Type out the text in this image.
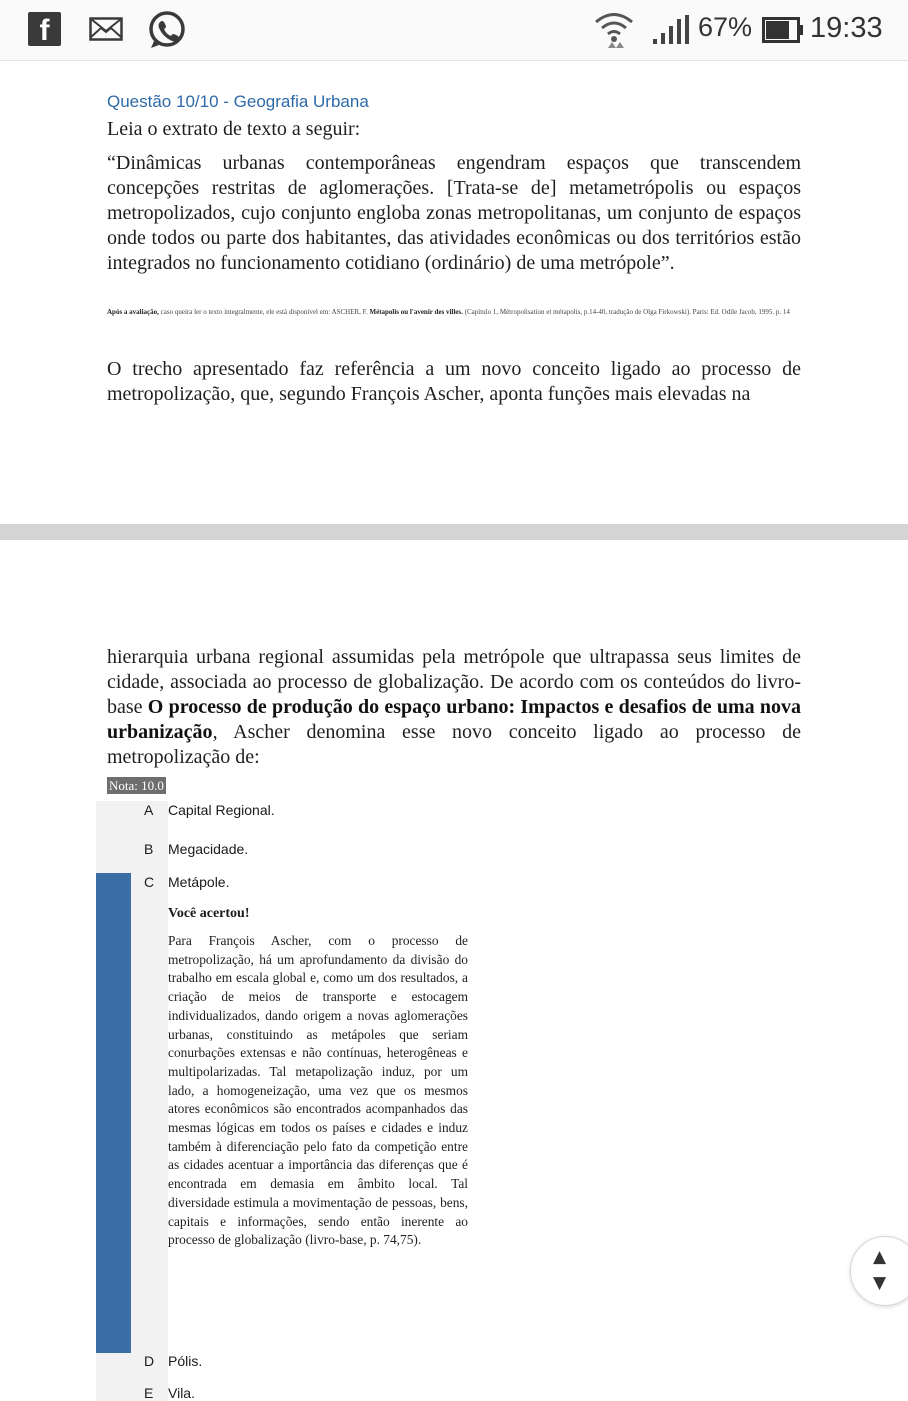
f	67% 19:33
Questão 10/10 - Geografia Urbana
Leia o extrato de texto a seguir:
“Dinâmicas urbanas contemporâneas engendram espaços que transcendem concepções restritas de aglomerações. [Trata-se de] metametrópolis ou espaços metropolizados, cujo conjunto engloba zonas metropolitanas, um conjunto de espaços onde todos ou parte dos habitantes, das atividades econômicas ou dos territórios estão integrados no funcionamento cotidiano (ordinário) de uma metrópole”.
Após a avaliação, caso queira ler o texto integralmente, ele está disponível em: ASCHER, F. Métapolis ou l'avenir des villes. (Capítulo 1, Métropolisation et métapolis, p.14-40, tradução de Olga Firkowski). Paris: Ed. Odile Jacob, 1995. p. 14
O trecho apresentado faz referência a um novo conceito ligado ao processo de metropolização, que, segundo François Ascher, aponta funções mais elevadas na
hierarquia urbana regional assumidas pela metrópole que ultrapassa seus limites de cidade, associada ao processo de globalização. De acordo com os conteúdos do livro-base O processo de produção do espaço urbano: Impactos e desafios de uma nova urbanização, Ascher denomina esse novo conceito ligado ao processo de metropolização de:
Nota: 10.0
A	Capital Regional.
B	Megacidade.
C Metápole.
Você acertou!
Para François Ascher, com o processo de metropolização, há um aprofundamento da divisão do trabalho em escala global e, como um dos resultados, a criação de meios de transporte e estocagem individualizados, dando origem a novas aglomerações urbanas, constituindo as metápoles que seriam conurbações extensas e não contínuas, heterogêneas e multipolarizadas. Tal metapolização induz, por um lado, a homogeneização, uma vez que os mesmos atores econômicos são encontrados acompanhados das mesmas lógicas em todos os países e cidades e induz também à diferenciação pelo fato da competição entre as cidades acentuar a importância das diferenças que é encontrada em demasia em âmbito local. Tal diversidade estimula a movimentação de pessoas, bens, capitais e informações, sendo então inerente ao processo de globalização (livro-base, p. 74,75).
D Pólis.
E	Vila.
▲
▼
